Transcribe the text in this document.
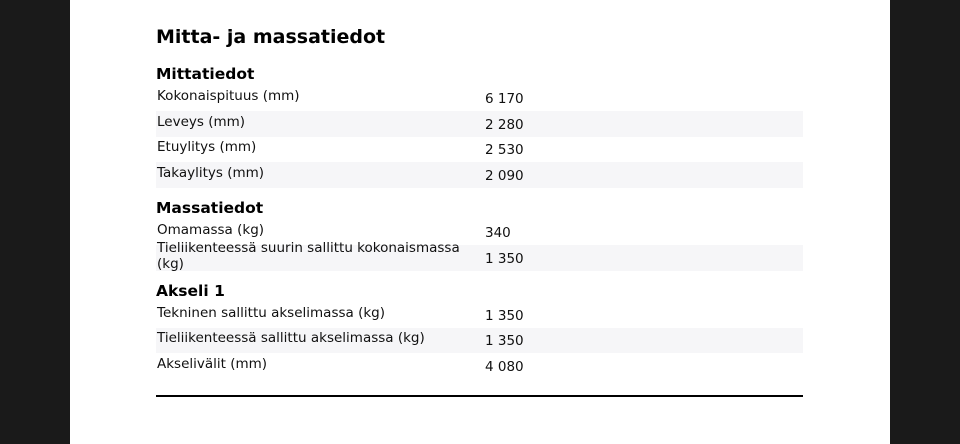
Mitta- ja massatiedot
Mittatiedot
Kokonaispituus (mm)	6 170
Leveys (mm)	2 280
Etuylitys (mm)	2 530
Takaylitys (mm)	2 090
Massatiedot
Omamassa (kg)	340
Tieliikenteessä suurin sallittu kokonaismassa (kg)	1 350
Akseli 1
Tekninen sallittu akselimassa (kg)	1 350
Tieliikenteessä sallittu akselimassa (kg)	1 350
Akselivälit (mm)	4 080
